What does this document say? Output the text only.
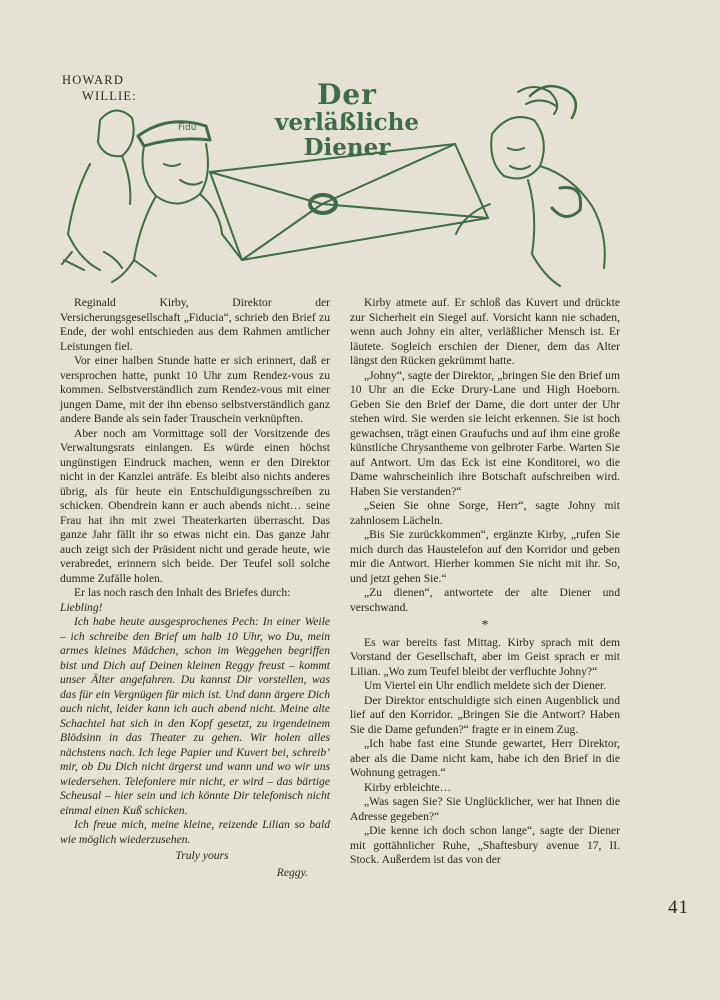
HOWARD
WILLIE:	Der
verläßliche Diener
Fidu

Reginald Kirby, Direktor der Versicherungsgesellschaft „Fiducia“, schrieb den Brief zu Ende, der wohl entschieden aus dem Rahmen amtlicher Leistungen fiel.

Vor einer halben Stunde hatte er sich erinnert, daß er versprochen hatte, punkt 10 Uhr zum Rendez-vous zu kommen. Selbstverständlich zum Rendez-vous mit einer jungen Dame, mit der ihn ebenso selbstverständlich ganz andere Bande als sein fader Trauschein verknüpften.

Aber noch am Vormittage soll der Vorsitzende des Verwaltungsrats einlangen. Es würde einen höchst ungünstigen Eindruck machen, wenn er den Direktor nicht in der Kanzlei anträfe. Es bleibt also nichts anderes übrig, als für heute ein Entschuldigungsschreiben zu schicken. Obendrein kann er auch abends nicht… seine Frau hat ihn mit zwei Theaterkarten überrascht. Das ganze Jahr fällt ihr so etwas nicht ein. Das ganze Jahr auch zeigt sich der Präsident nicht und gerade heute, wie verabredet, erinnern sich beide. Der Teufel soll solche dumme Zufälle holen.

Er las noch rasch den Inhalt des Briefes durch:

Liebling!

Ich habe heute ausgesprochenes Pech: In einer Weile – ich schreibe den Brief um halb 10 Uhr, wo Du, mein armes kleines Mädchen, schon im Weggehen begriffen bist und Dich auf Deinen kleinen Reggy freust – kommt unser Älter angefahren. Du kannst Dir vorstellen, was das für ein Vergnügen für mich ist. Und dann ärgere Dich auch nicht, leider kann ich auch abend nicht. Meine alte Schachtel hat sich in den Kopf gesetzt, zu irgendeinem Blödsinn in das Theater zu gehen. Wir holen alles nächstens nach. Ich lege Papier und Kuvert bei, schreib’ mir, ob Du Dich nicht ärgerst und wann und wo wir uns wiedersehen. Telefoniere mir nicht, er wird – das bärtige Scheusal – hier sein und ich könnte Dir telefonisch nicht einmal einen Kuß schicken.

Ich freue mich, meine kleine, reizende Lilian so bald wie möglich wiederzusehen.

Truly yours

Reggy.

Kirby atmete auf. Er schloß das Kuvert und drückte zur Sicherheit ein Siegel auf. Vorsicht kann nie schaden, wenn auch Johny ein alter, verläßlicher Mensch ist. Er läutete. Sogleich erschien der Diener, dem das Alter längst den Rücken gekrümmt hatte.

„Johny“, sagte der Direktor, „bringen Sie den Brief um 10 Uhr an die Ecke Drury-Lane und High Hoeborn. Geben Sie den Brief der Dame, die dort unter der Uhr stehen wird. Sie werden sie leicht erkennen. Sie ist hoch gewachsen, trägt einen Graufuchs und auf ihm eine große künstliche Chrysantheme von gelbroter Farbe. Warten Sie auf Antwort. Um das Eck ist eine Konditorei, wo die Dame wahrscheinlich ihre Botschaft aufschreiben wird. Haben Sie verstanden?“

„Seien Sie ohne Sorge, Herr“, sagte Johny mit zahnlosem Lächeln.

„Bis Sie zurückkommen“, ergänzte Kirby, „rufen Sie mich durch das Haustelefon auf den Korridor und geben mir die Antwort. Hierher kommen Sie nicht mit ihr. So, und jetzt gehen Sie.“

„Zu dienen“, antwortete der alte Diener und verschwand.

*

Es war bereits fast Mittag. Kirby sprach mit dem Vorstand der Gesellschaft, aber im Geist sprach er mit Lilian. „Wo zum Teufel bleibt der verfluchte Johny?“

Um Viertel ein Uhr endlich meldete sich der Diener.

Der Direktor entschuldigte sich einen Augenblick und lief auf den Korridor. „Bringen Sie die Antwort? Haben Sie die Dame gefunden?“ fragte er in einem Zug.

„Ich habe fast eine Stunde gewartet, Herr Direktor, aber als die Dame nicht kam, habe ich den Brief in die Wohnung getragen.“

Kirby erbleichte…

„Was sagen Sie? Sie Unglücklicher, wer hat Ihnen die Adresse gegeben?“

„Die kenne ich doch schon lange“, sagte der Diener mit gottähnlicher Ruhe, „Shaftesbury avenue 17, II. Stock. Außerdem ist das von der

41
